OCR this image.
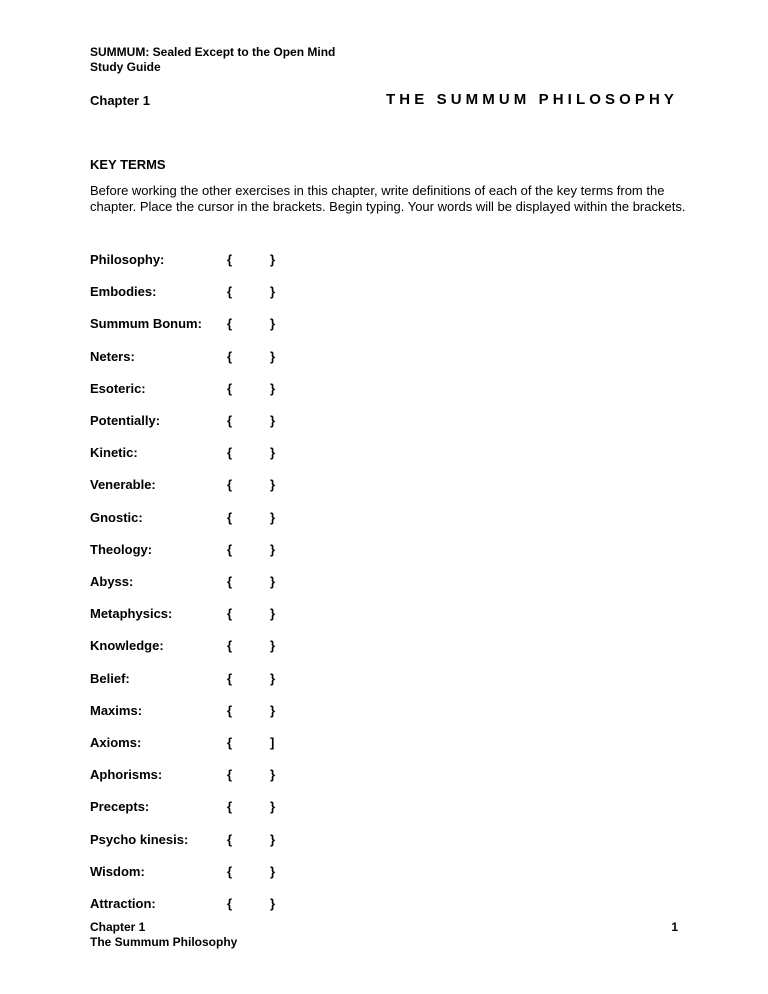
SUMMUM: Sealed Except to the Open Mind
Study Guide
Chapter 1	THE SUMMUM PHILOSOPHY
KEY TERMS
Before working the other exercises in this chapter, write definitions of each of the key terms from the chapter. Place the cursor in the brackets. Begin typing. Your words will be displayed within the brackets.
Philosophy:	{	}
Embodies:	{	}
Summum Bonum: {	}
Neters:	{	}
Esoteric:	{	}
Potentially:	{	}
Kinetic:	{	}
Venerable:	{	}
Gnostic:	{	}
Theology:	{	}
Abyss:	{	}
Metaphysics:	{	}
Knowledge:	{	}
Belief:	{	}
Maxims:	{	}
Axioms:	{	]
Aphorisms:	{	}
Precepts:	{	}
Psycho kinesis:	{	}
Wisdom:	{	}
Attraction:	{	}
Chapter 1
The Summum Philosophy
1
